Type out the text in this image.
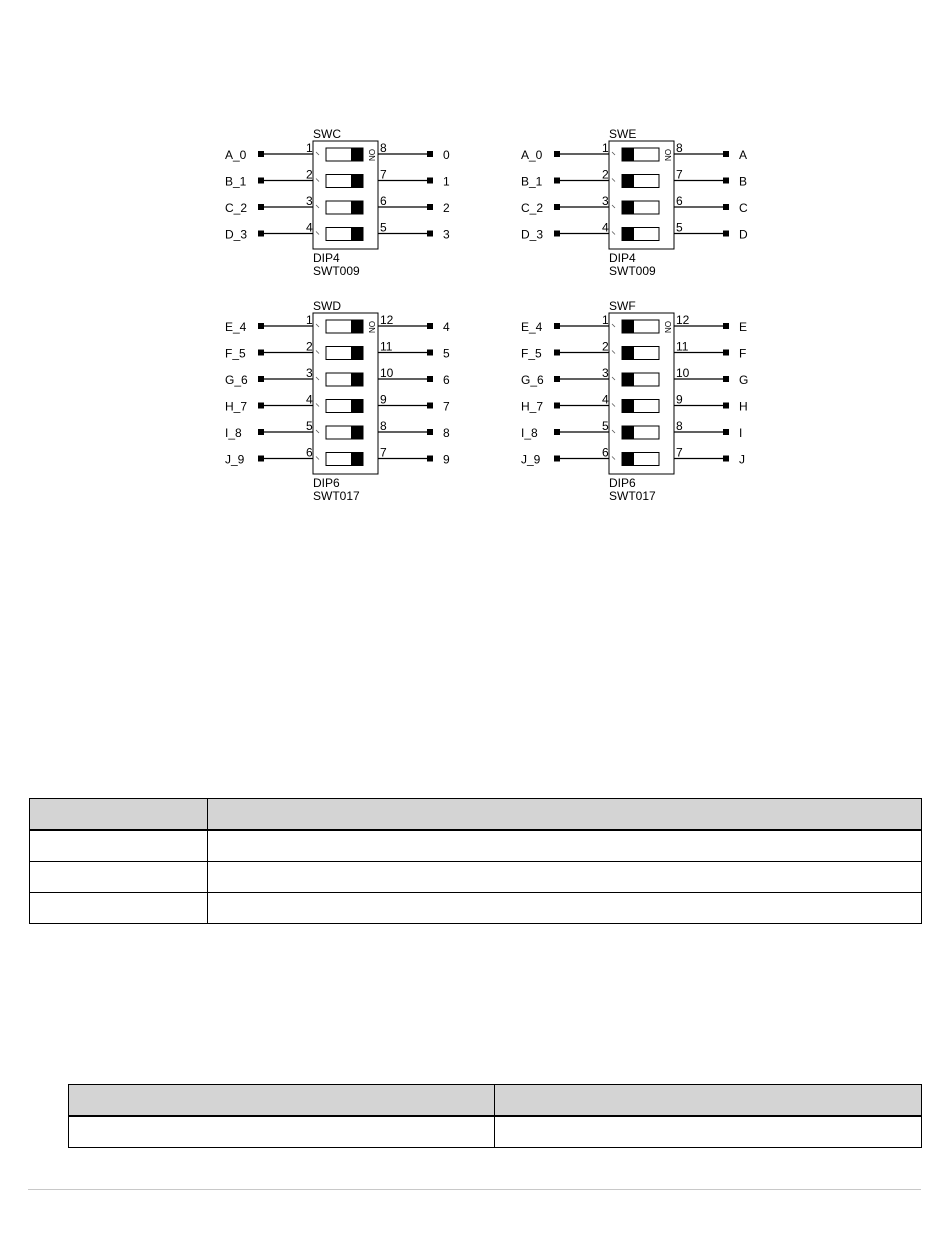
SWC
ON
A_0	1	0
8
B_1	2	1
7
C_2	3	2
6
D_3	4	3
5
DIP4
SWT009
SWE
ON
A_0	1	A
8
B_1	2	B
7
C_2	3	C
6
D_3	4	D
5
DIP4
SWT009
SWD
ON
E_4	1	4
12
F_5	2	5
11
G_6	3	6
10
H_7	4	7
9
I_8	5	8
8
J_9	6	9
7
DIP6
SWT017
SWF
ON
E_4	1	E
12
F_5	2	F
11
G_6	3	G
10
H_7	4	H
9
I_8	5	I
8
J_9	6	J
7
DIP6
SWT017
